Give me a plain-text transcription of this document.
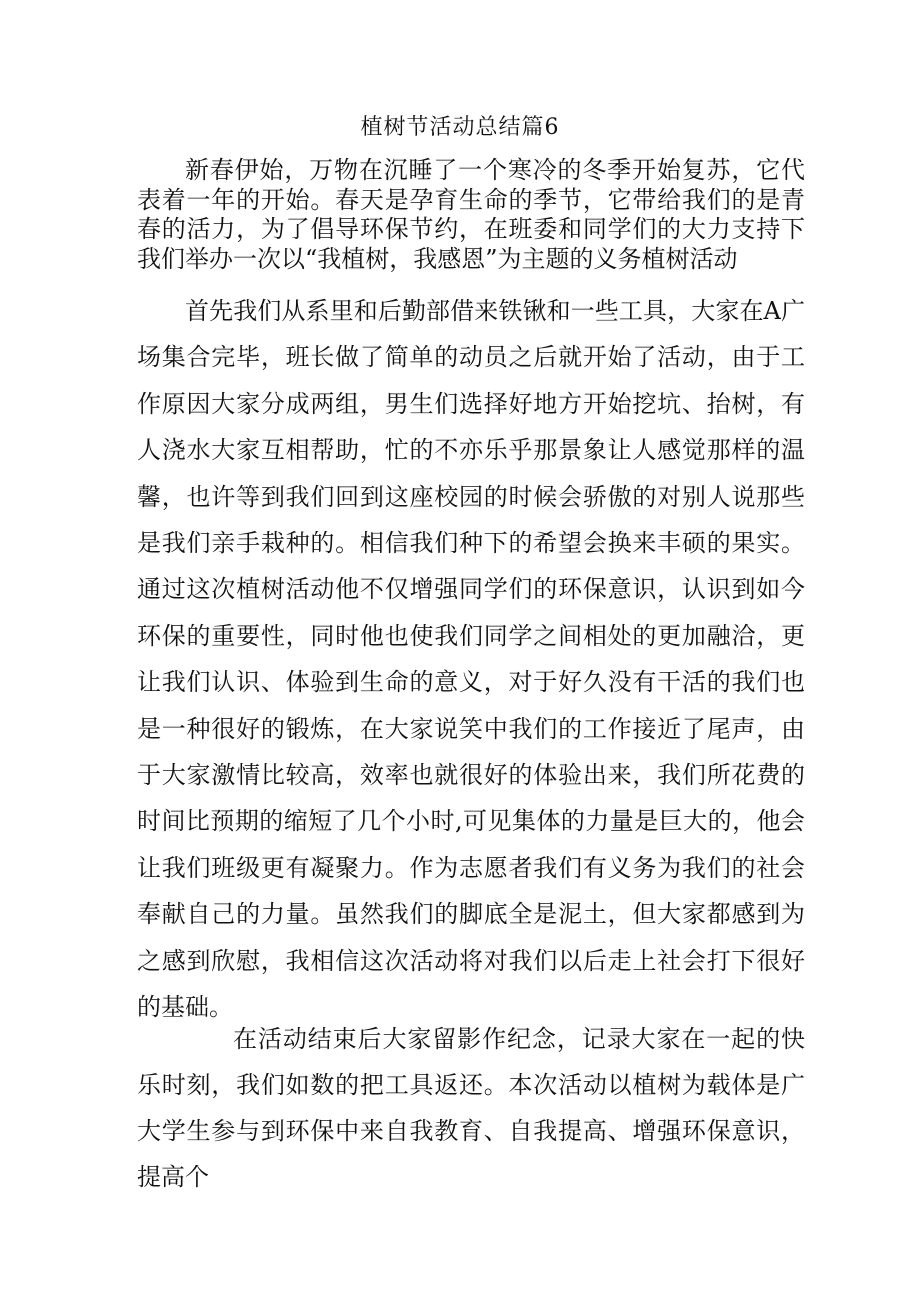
植树节活动总结篇6

新春伊始，万物在沉睡了一个寒冷的冬季开始复苏，它代表着一年的开始。春天是孕育生命的季节，它带给我们的是青春的活力，为了倡导环保节约，在班委和同学们的大力支持下我们举办一次以“我植树，我感恩”为主题的义务植树活动

首先我们从系里和后勤部借来铁锹和一些工具，大家在A广场集合完毕，班长做了简单的动员之后就开始了活动，由于工作原因大家分成两组，男生们选择好地方开始挖坑、抬树，有人浇水大家互相帮助，忙的不亦乐乎那景象让人感觉那样的温馨，也许等到我们回到这座校园的时候会骄傲的对别人说那些是我们亲手栽种的。相信我们种下的希望会换来丰硕的果实。通过这次植树活动他不仅增强同学们的环保意识，认识到如今环保的重要性，同时他也使我们同学之间相处的更加融洽，更让我们认识、体验到生命的意义，对于好久没有干活的我们也是一种很好的锻炼，在大家说笑中我们的工作接近了尾声，由于大家激情比较高，效率也就很好的体验出来，我们所花费的时间比预期的缩短了几个小时,可见集体的力量是巨大的，他会让我们班级更有凝聚力。作为志愿者我们有义务为我们的社会奉献自己的力量。虽然我们的脚底全是泥土，但大家都感到为之感到欣慰，我相信这次活动将对我们以后走上社会打下很好的基础。

在活动结束后大家留影作纪念，记录大家在一起的快乐时刻，我们如数的把工具返还。本次活动以植树为载体是广大学生参与到环保中来自我教育、自我提高、增强环保意识，提高个
